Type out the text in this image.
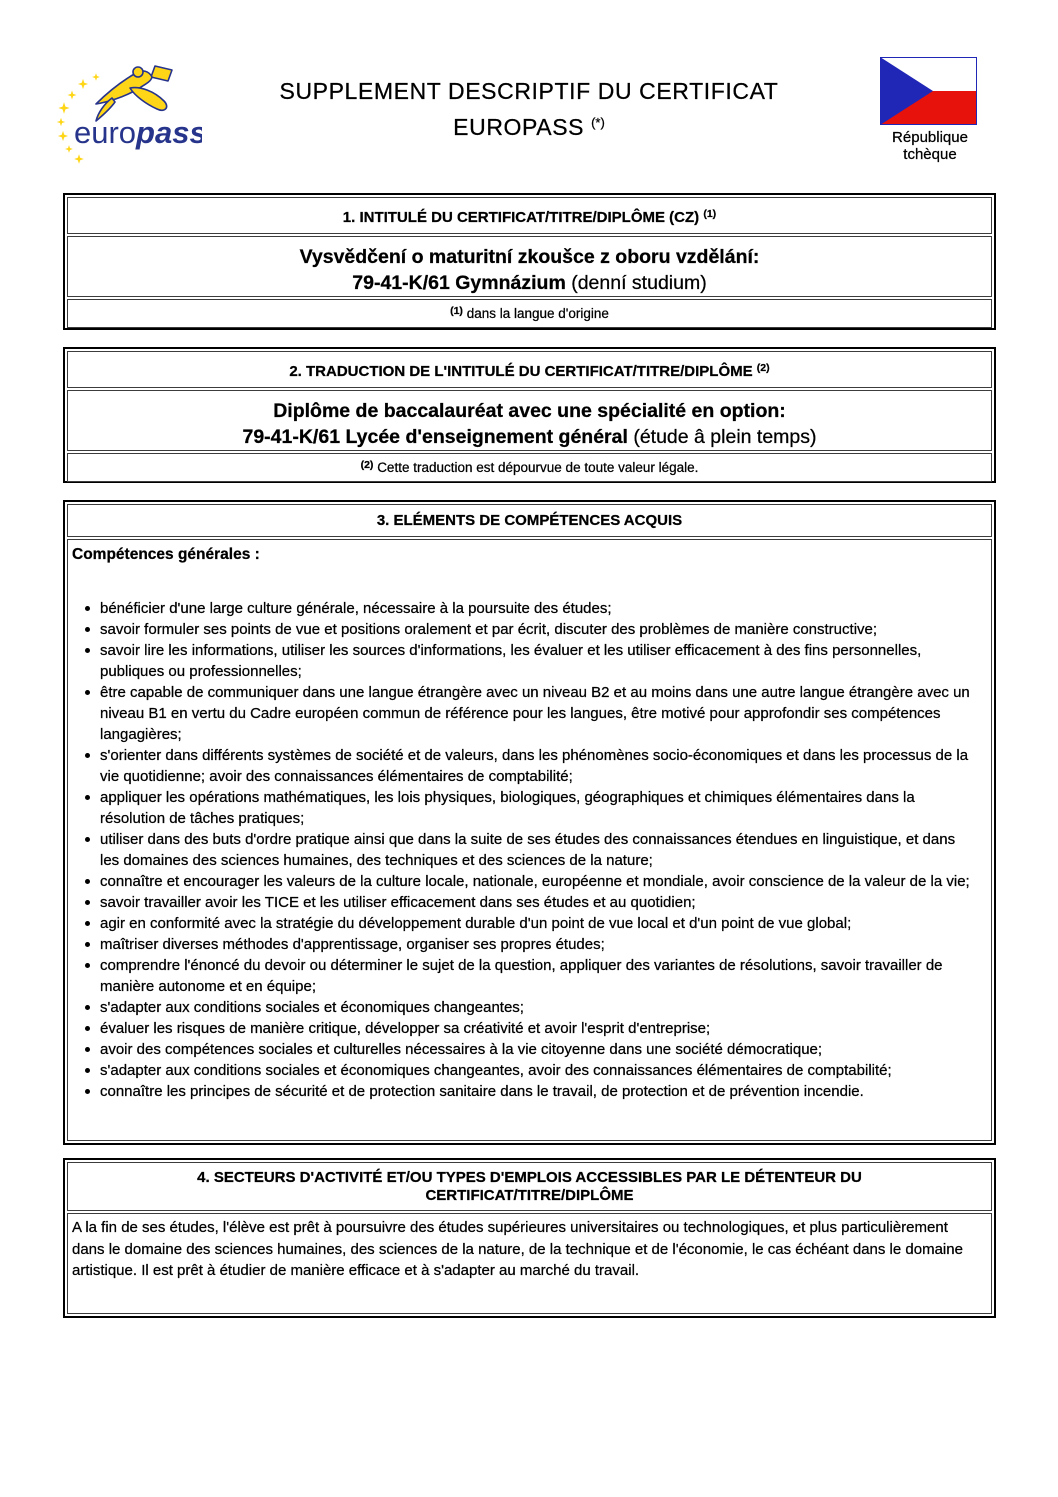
europass
SUPPLEMENT DESCRIPTIF DU CERTIFICAT
EUROPASS (*)
République
tchèque
1. INTITULÉ DU CERTIFICAT/TITRE/DIPLÔME (CZ) $^{(1)}$
Vysvědčení o maturitní zkoušce z oboru vzdělání:
79-41-K/61 Gymnázium (denní studium)
$^{(1)}$ dans la langue d'origine
2. TRADUCTION DE L'INTITULÉ DU CERTIFICAT/TITRE/DIPLÔME $^{(2)}$
Diplôme de baccalauréat avec une spécialité en option:
79-41-K/61 Lycée d'enseignement général (étude â plein temps)
$^{(2)}$ Cette traduction est dépourvue de toute valeur légale.
3. ELÉMENTS DE COMPÉTENCES ACQUIS
Compétences générales :
bénéficier d'une large culture générale, nécessaire à la poursuite des études;
savoir formuler ses points de vue et positions oralement et par écrit, discuter des problèmes de manière constructive;
savoir lire les informations, utiliser les sources d'informations, les évaluer et les utiliser efficacement à des fins personnelles, publiques ou professionnelles;
être capable de communiquer dans une langue étrangère avec un niveau B2 et au moins dans une autre langue étrangère avec un niveau B1 en vertu du Cadre européen commun de référence pour les langues, être motivé pour approfondir ses compétences langagières;
s'orienter dans différents systèmes de société et de valeurs, dans les phénomènes socio-économiques et dans les processus de la vie quotidienne; avoir des connaissances élémentaires de comptabilité;
appliquer les opérations mathématiques, les lois physiques, biologiques, géographiques et chimiques élémentaires dans la résolution de tâches pratiques;
utiliser dans des buts d'ordre pratique ainsi que dans la suite de ses études des connaissances étendues en linguistique, et dans les domaines des sciences humaines, des techniques et des sciences de la nature;
connaître et encourager les valeurs de la culture locale, nationale, européenne et mondiale, avoir conscience de la valeur de la vie;
savoir travailler avoir les TICE et les utiliser efficacement dans ses études et au quotidien;
agir en conformité avec la stratégie du développement durable d'un point de vue local et d'un point de vue global;
maîtriser diverses méthodes d'apprentissage, organiser ses propres études;
comprendre l'énoncé du devoir ou déterminer le sujet de la question, appliquer des variantes de résolutions, savoir travailler de manière autonome et en équipe;
s'adapter aux conditions sociales et économiques changeantes;
évaluer les risques de manière critique, développer sa créativité et avoir l'esprit d'entreprise;
avoir des compétences sociales et culturelles nécessaires à la vie citoyenne dans une société démocratique;
s'adapter aux conditions sociales et économiques changeantes, avoir des connaissances élémentaires de comptabilité;
connaître les principes de sécurité et de protection sanitaire dans le travail, de protection et de prévention incendie.
4. SECTEURS D'ACTIVITÉ ET/OU TYPES D'EMPLOIS ACCESSIBLES PAR LE DÉTENTEUR DU CERTIFICAT/TITRE/DIPLÔME
A la fin de ses études, l'élève est prêt à poursuivre des études supérieures universitaires ou technologiques, et plus particulièrement dans le domaine des sciences humaines, des sciences de la nature, de la technique et de l'économie, le cas échéant dans le domaine artistique. Il est prêt à étudier de manière efficace et à s'adapter au marché du travail.
